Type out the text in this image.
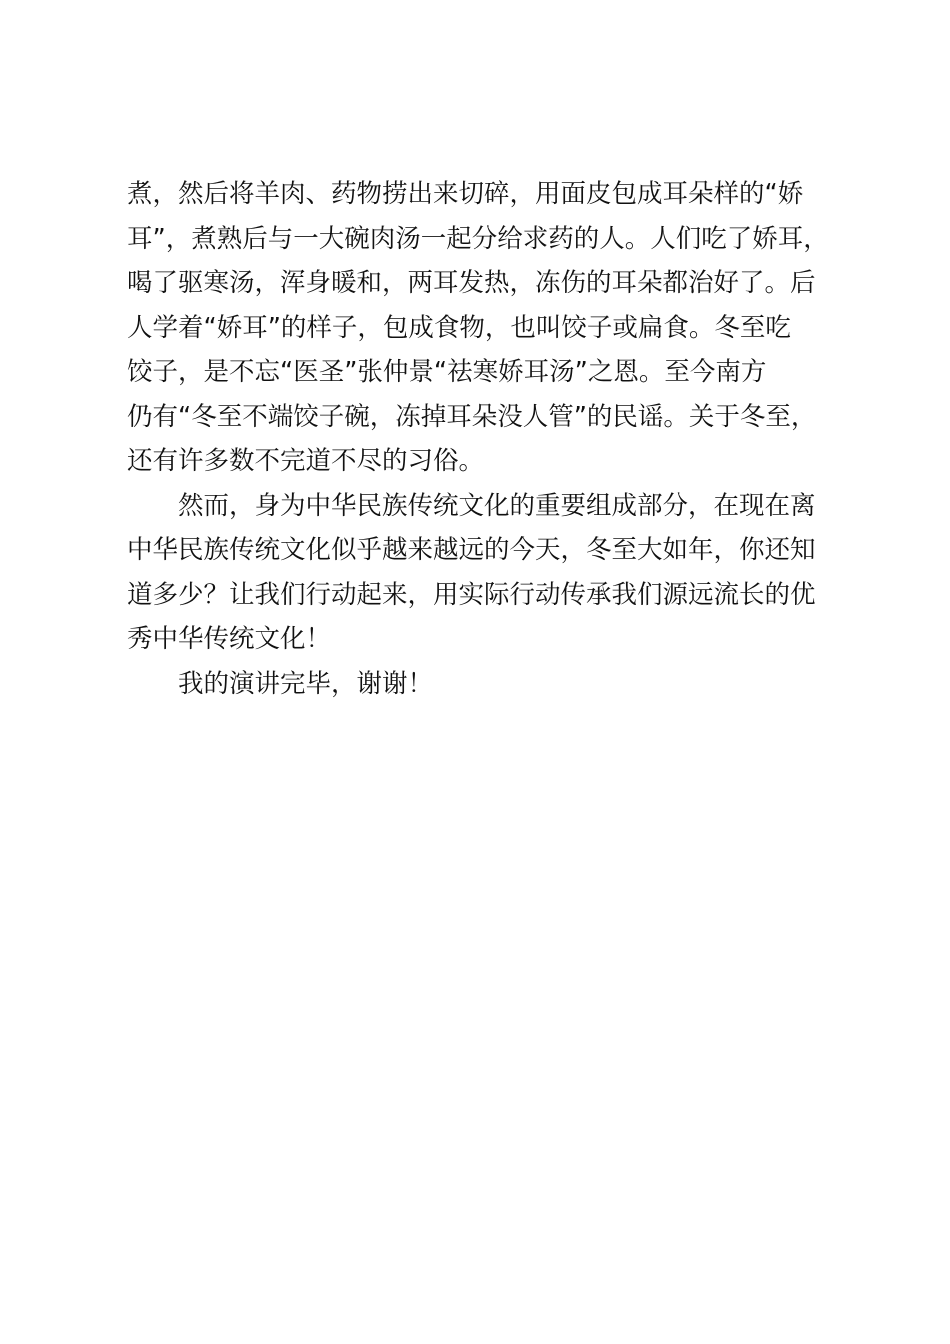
煮，然后将羊肉、药物捞出来切碎，用面皮包成耳朵样的“娇
耳”，煮熟后与一大碗肉汤一起分给求药的人。人们吃了娇耳，
喝了驱寒汤，浑身暖和，两耳发热，冻伤的耳朵都治好了。后
人学着“娇耳”的样子，包成食物，也叫饺子或扁食。冬至吃
饺子，是不忘“医圣”张仲景“祛寒娇耳汤”之恩。至今南方
仍有“冬至不端饺子碗，冻掉耳朵没人管”的民谣。关于冬至，
还有许多数不完道不尽的习俗。
然而，身为中华民族传统文化的重要组成部分，在现在离
中华民族传统文化似乎越来越远的今天，冬至大如年，你还知
道多少？让我们行动起来，用实际行动传承我们源远流长的优
秀中华传统文化！
我的演讲完毕，谢谢！
